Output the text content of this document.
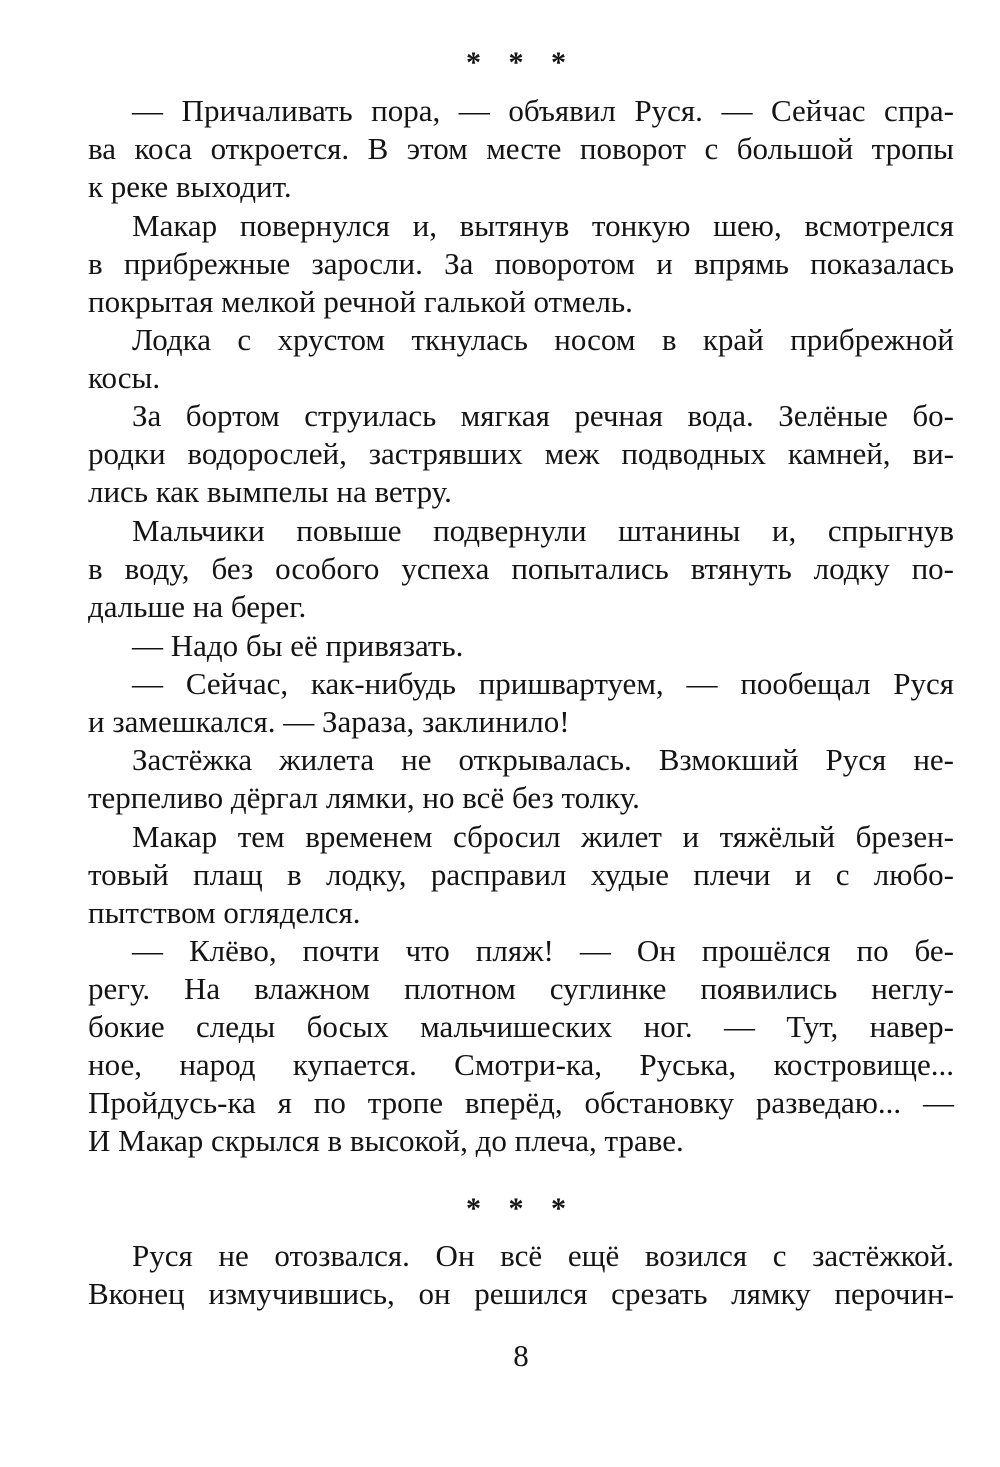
* * *
— Причаливать пора, — объявил Руся. — Сейчас спра-
ва коса откроется. В этом месте поворот с большой тропы
к реке выходит.
Макар повернулся и, вытянув тонкую шею, всмотрелся
в прибрежные заросли. За поворотом и впрямь показалась
покрытая мелкой речной галькой отмель.
Лодка с хрустом ткнулась носом в край прибрежной
косы.
За бортом струилась мягкая речная вода. Зелёные бо-
родки водорослей, застрявших меж подводных камней, ви-
лись как вымпелы на ветру.
Мальчики повыше подвернули штанины и, спрыгнув
в воду, без особого успеха попытались втянуть лодку по-
дальше на берег.
— Надо бы её привязать.
— Сейчас, как-нибудь пришвартуем, — пообещал Руся
и замешкался. — Зараза, заклинило!
Застёжка жилета не открывалась. Взмокший Руся не-
терпеливо дёргал лямки, но всё без толку.
Макар тем временем сбросил жилет и тяжёлый брезен-
товый плащ в лодку, расправил худые плечи и с любо-
пытством огляделся.
— Клёво, почти что пляж! — Он прошёлся по бе-
регу. На влажном плотном суглинке появились неглу-
бокие следы босых мальчишеских ног. — Тут, навер-
ное, народ купается. Смотри-ка, Руська, костровище...
Пройдусь-ка я по тропе вперёд, обстановку разведаю... —
И Макар скрылся в высокой, до плеча, траве.
* * *
Руся не отозвался. Он всё ещё возился с застёжкой.
Вконец измучившись, он решился срезать лямку перочин-
8
